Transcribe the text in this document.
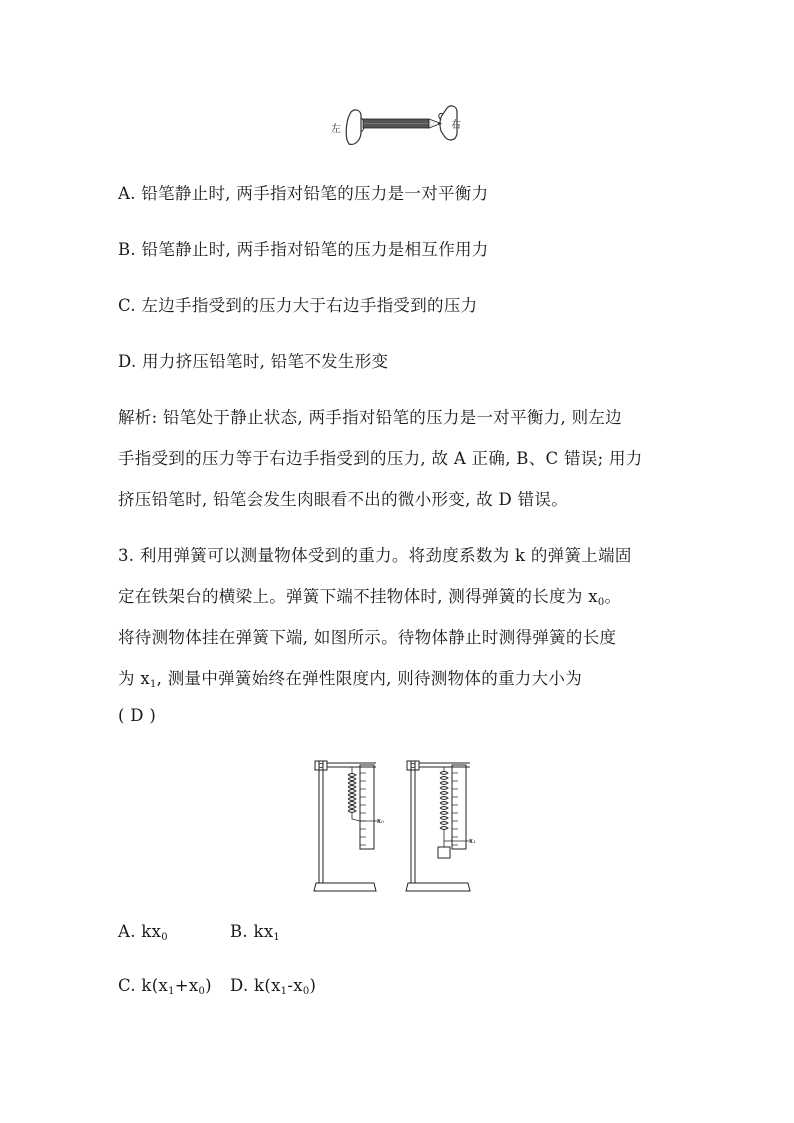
左	右
A. 铅笔静止时, 两手指对铅笔的压力是一对平衡力
B. 铅笔静止时, 两手指对铅笔的压力是相互作用力
C. 左边手指受到的压力大于右边手指受到的压力
D. 用力挤压铅笔时, 铅笔不发生形变
解析: 铅笔处于静止状态, 两手指对铅笔的压力是一对平衡力, 则左边
手指受到的压力等于右边手指受到的压力, 故 A 正确, B、C 错误; 用力
挤压铅笔时, 铅笔会发生肉眼看不出的微小形变, 故 D 错误。
3. 利用弹簧可以测量物体受到的重力。将劲度系数为 k 的弹簧上端固
定在铁架台的横梁上。弹簧下端不挂物体时, 测得弹簧的长度为 $x_0$。
将待测物体挂在弹簧下端, 如图所示。待物体静止时测得弹簧的长度
为 $x_1$, 测量中弹簧始终在弹性限度内, 则待测物体的重力大小为
( D )
x₀
x₁
A. $kx_0$	B. $kx_1$
C. $k(x_1+x_0)$ D. $k(x_1-x_0)$
